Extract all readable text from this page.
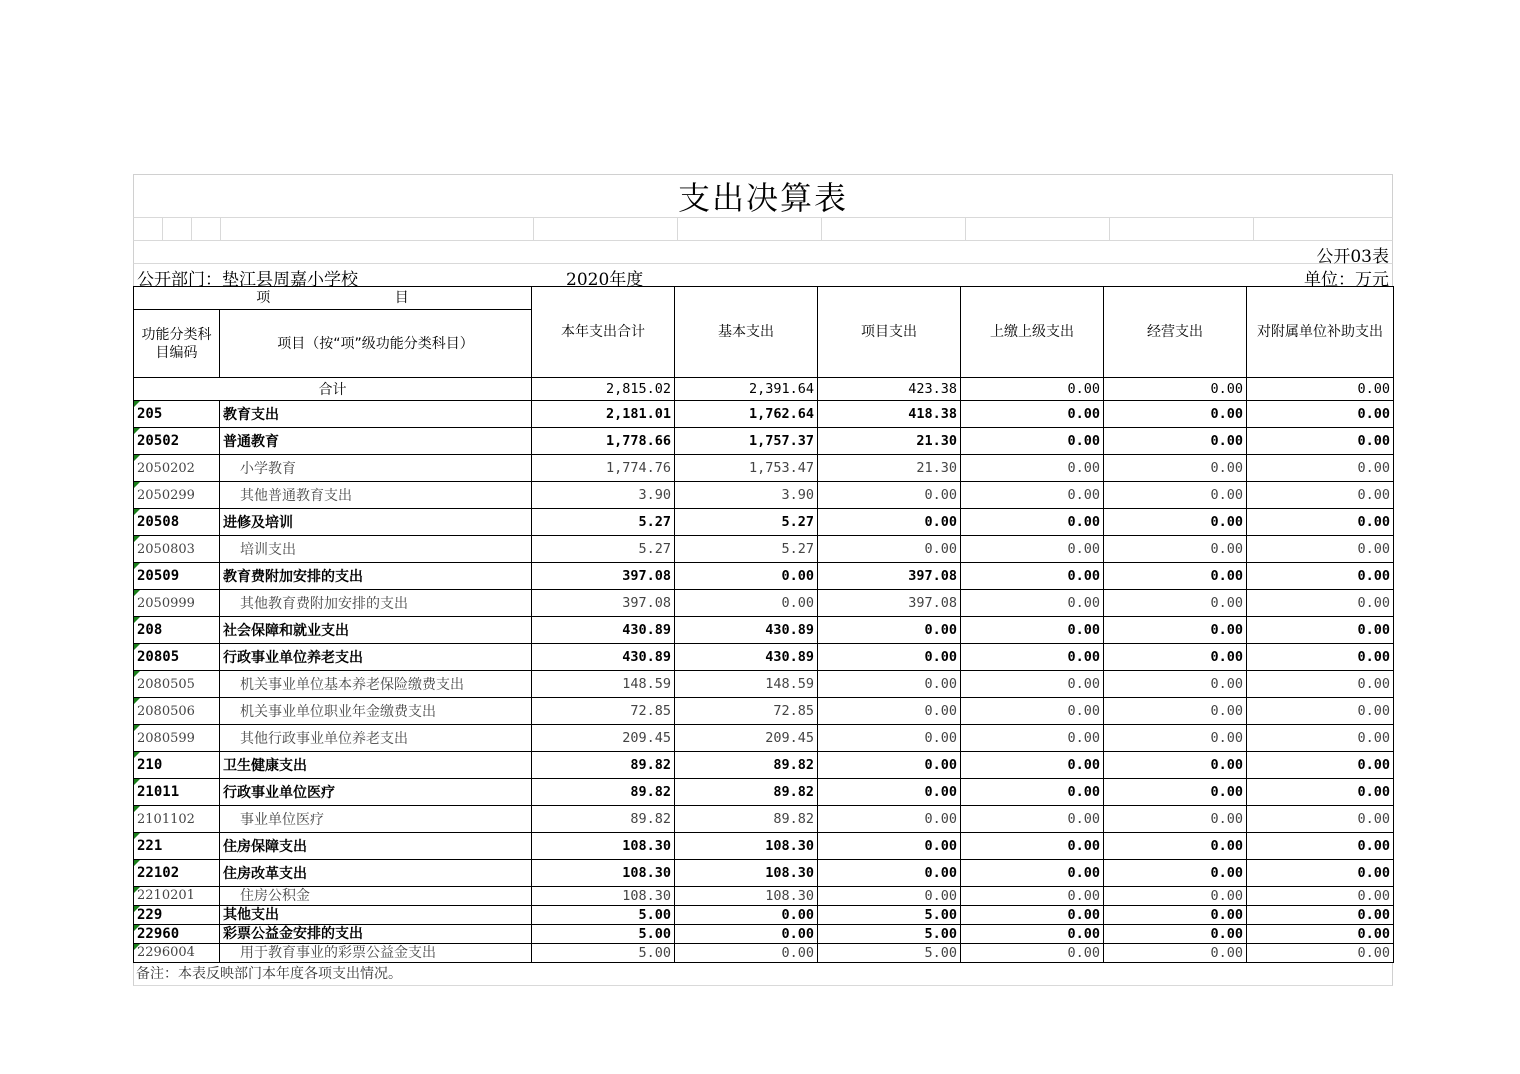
支出决算表
公开03表
公开部门：垫江县周嘉小学校	2020年度	单位：万元
项 目		本年支出合计	基本支出	项目支出	上缴上级支出	经营支出	对附属单位补助支出
功能分类科目编码	项目（按“项”级功能分类科目）						
合计		2,815.02	2,391.64	423.38	0.00	0.00	0.00
205	教育支出	2,181.01	1,762.64	418.38	0.00	0.00	0.00
20502	普通教育	1,778.66	1,757.37	21.30	0.00	0.00	0.00
2050202	小学教育	1,774.76	1,753.47	21.30	0.00	0.00	0.00
2050299	其他普通教育支出	3.90	3.90	0.00	0.00	0.00	0.00
20508	进修及培训	5.27	5.27	0.00	0.00	0.00	0.00
2050803	培训支出	5.27	5.27	0.00	0.00	0.00	0.00
20509	教育费附加安排的支出	397.08	0.00	397.08	0.00	0.00	0.00
2050999	其他教育费附加安排的支出	397.08	0.00	397.08	0.00	0.00	0.00
208	社会保障和就业支出	430.89	430.89	0.00	0.00	0.00	0.00
20805	行政事业单位养老支出	430.89	430.89	0.00	0.00	0.00	0.00
2080505	机关事业单位基本养老保险缴费支出	148.59	148.59	0.00	0.00	0.00	0.00
2080506	机关事业单位职业年金缴费支出	72.85	72.85	0.00	0.00	0.00	0.00
2080599	其他行政事业单位养老支出	209.45	209.45	0.00	0.00	0.00	0.00
210	卫生健康支出	89.82	89.82	0.00	0.00	0.00	0.00
21011	行政事业单位医疗	89.82	89.82	0.00	0.00	0.00	0.00
2101102	事业单位医疗	89.82	89.82	0.00	0.00	0.00	0.00
221	住房保障支出	108.30	108.30	0.00	0.00	0.00	0.00
22102	住房改革支出	108.30	108.30	0.00	0.00	0.00	0.00
2210201	住房公积金	108.30	108.30	0.00	0.00	0.00	0.00
229	其他支出	5.00	0.00	5.00	0.00	0.00	0.00
22960	彩票公益金安排的支出	5.00	0.00	5.00	0.00	0.00	0.00
2296004	用于教育事业的彩票公益金支出	5.00	0.00	5.00	0.00	0.00	0.00
备注：本表反映部门本年度各项支出情况。
